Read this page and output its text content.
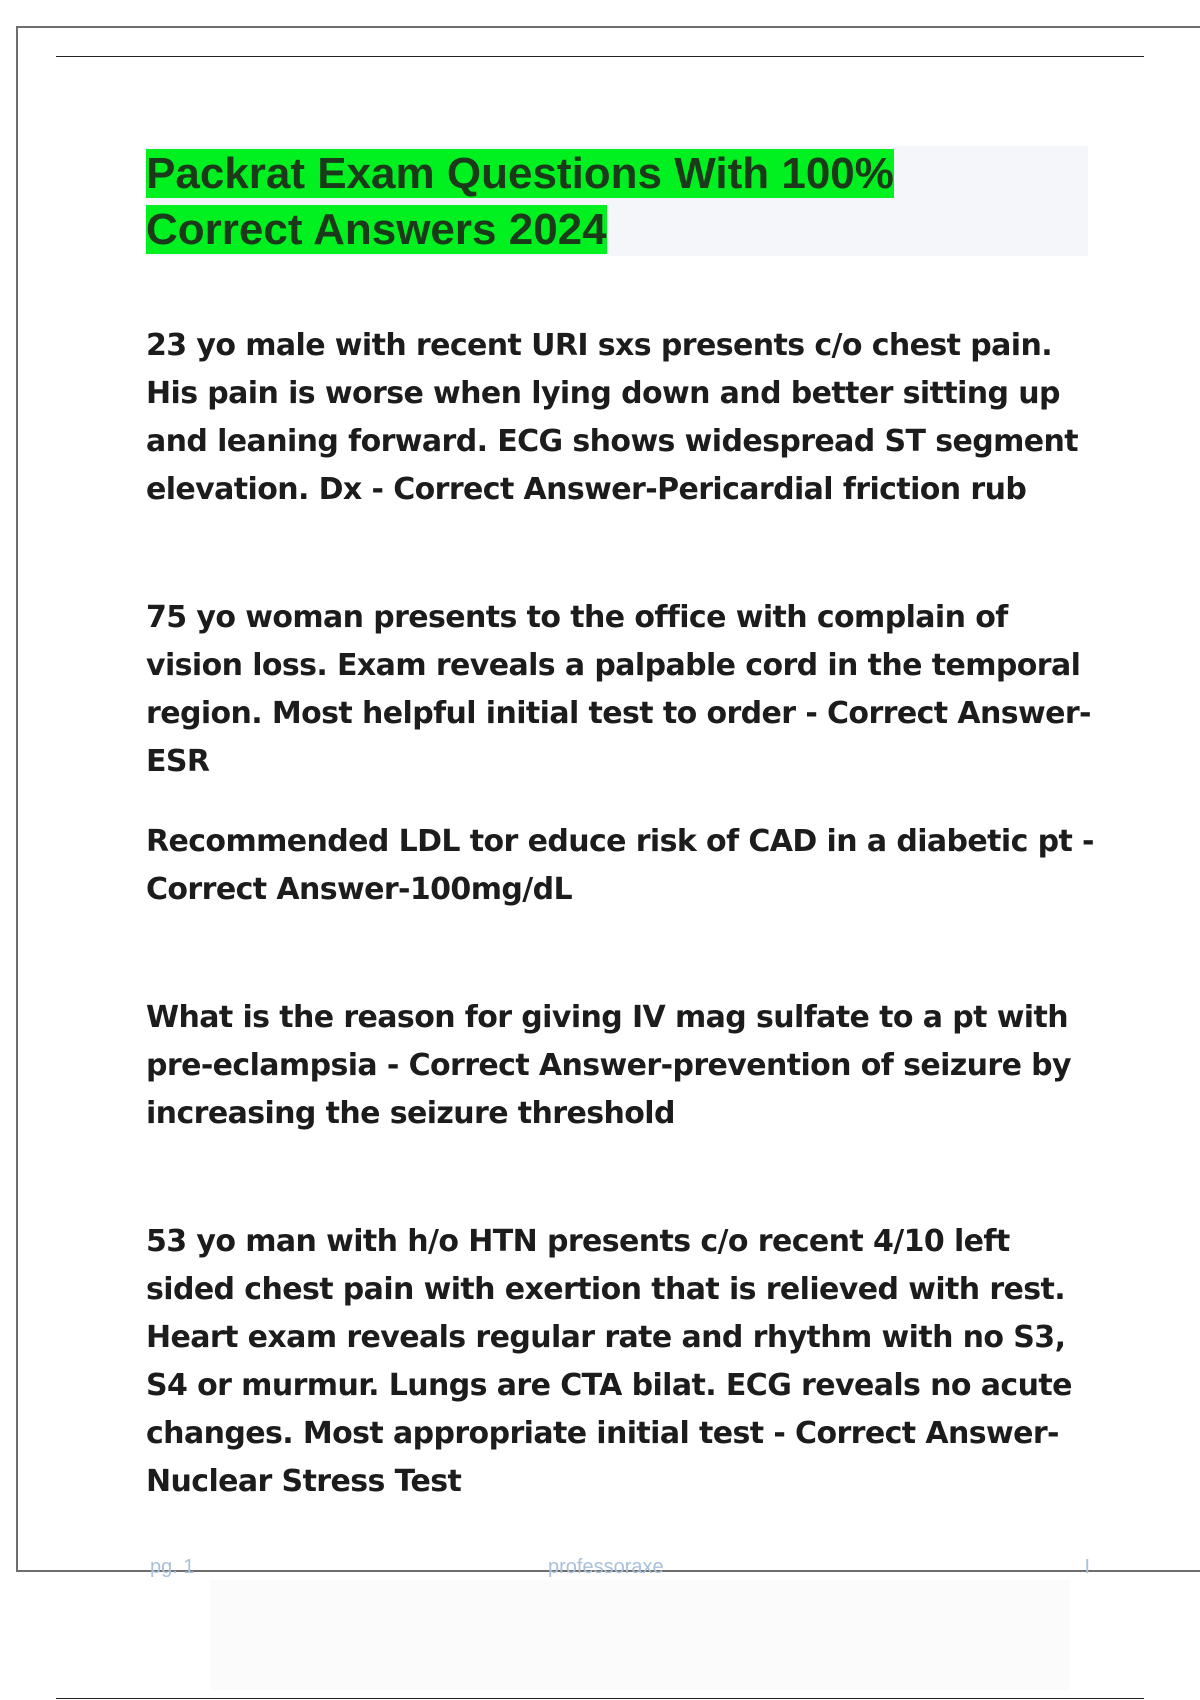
Packrat Exam Questions With 100% Correct Answers 2024
23 yo male with recent URI sxs presents c/o chest pain. His pain is worse when lying down and better sitting up and leaning forward. ECG shows widespread ST segment elevation. Dx - Correct Answer-Pericardial friction rub
75 yo woman presents to the office with complain of vision loss. Exam reveals a palpable cord in the temporal region. Most helpful initial test to order - Correct Answer-ESR
Recommended LDL tor educe risk of CAD in a diabetic pt - Correct Answer-100mg/dL
What is the reason for giving IV mag sulfate to a pt with pre-eclampsia - Correct Answer-prevention of seizure by increasing the seizure threshold
53 yo man with h/o HTN presents c/o recent 4/10 left sided chest pain with exertion that is relieved with rest. Heart exam reveals regular rate and rhythm with no S3, S4 or murmur. Lungs are CTA bilat. ECG reveals no acute changes. Most appropriate initial test - Correct Answer-Nuclear Stress Test
pg. 1	professoraxe	I
